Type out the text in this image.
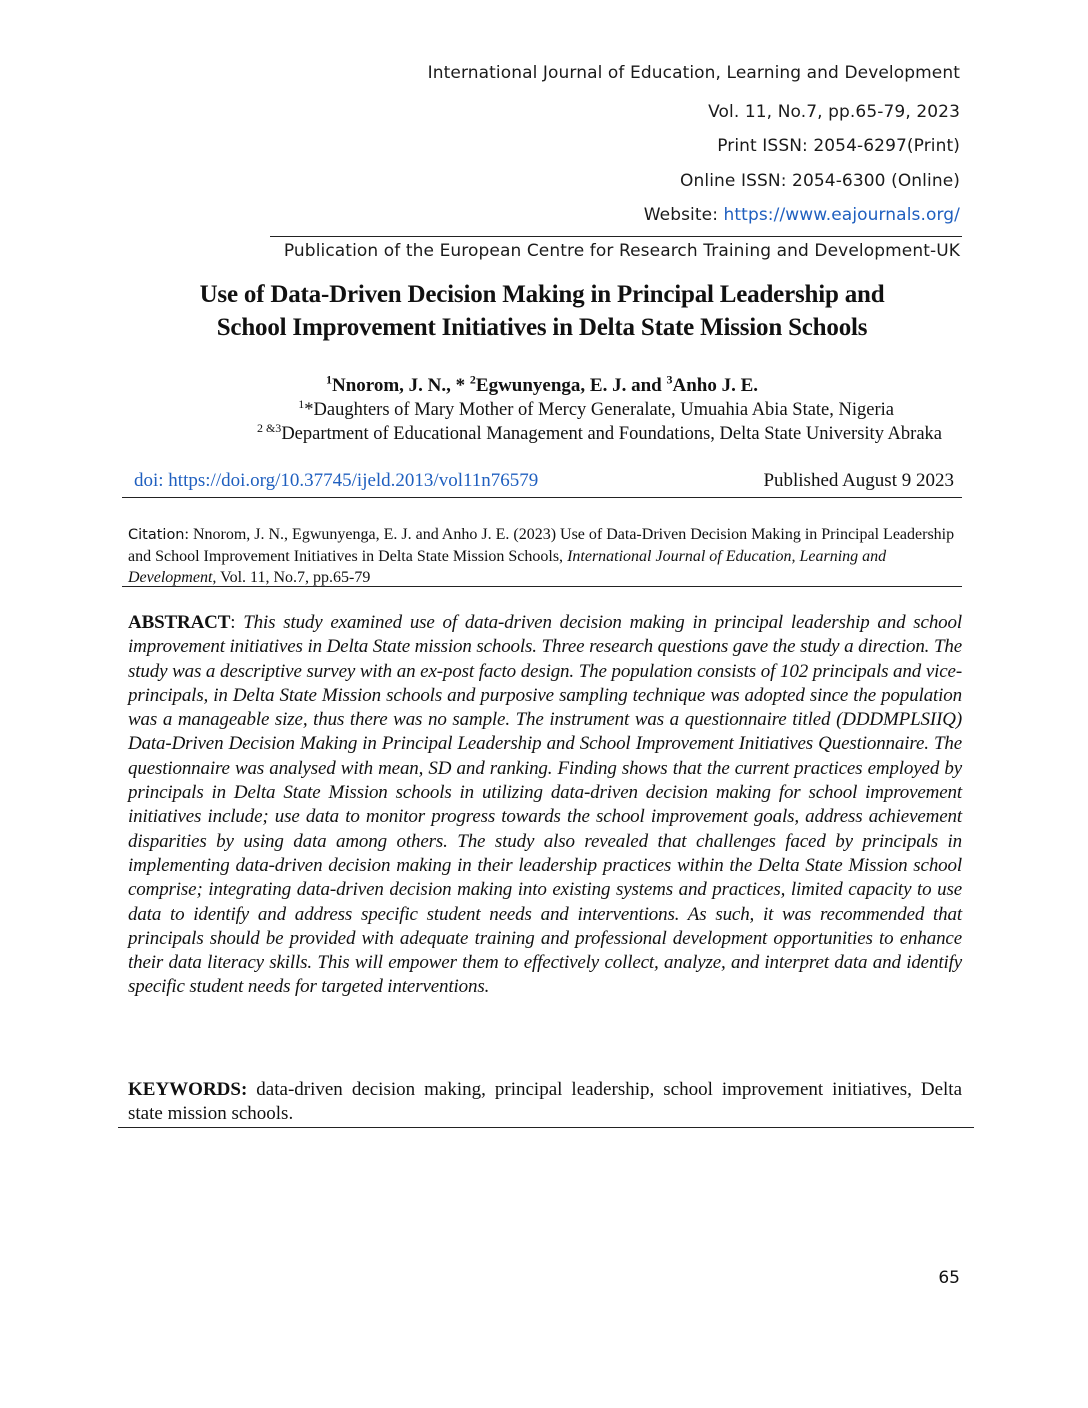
International Journal of Education, Learning and Development
Vol. 11, No.7, pp.65-79, 2023
Print ISSN: 2054-6297(Print)
Online ISSN: 2054-6300 (Online)
Website: https://www.eajournals.org/
Publication of the European Centre for Research Training and Development-UK
Use of Data-Driven Decision Making in Principal Leadership and
School Improvement Initiatives in Delta State Mission Schools
$^1$Nnorom, J. N., * $^2$Egwunyenga, E. J. and $^3$Anho J. E.
$^1$*Daughters of Mary Mother of Mercy Generalate, Umuahia Abia State, Nigeria
$^{2 \&3}$Department of Educational Management and Foundations, Delta State University Abraka
doi: https://doi.org/10.37745/ijeld.2013/vol11n76579	Published August 9 2023
Citation: Nnorom, J. N., Egwunyenga, E. J. and Anho J. E. (2023) Use of Data-Driven Decision Making in Principal Leadership and School Improvement Initiatives in Delta State Mission Schools, International Journal of Education, Learning and Development, Vol. 11, No.7, pp.65-79
ABSTRACT: This study examined use of data-driven decision making in principal leadership and school improvement initiatives in Delta State mission schools. Three research questions gave the study a direction. The study was a descriptive survey with an ex-post facto design. The population consists of 102 principals and vice-principals, in Delta State Mission schools and purposive sampling technique was adopted since the population was a manageable size, thus there was no sample. The instrument was a questionnaire titled (DDDMPLSIIQ) Data-Driven Decision Making in Principal Leadership and School Improvement Initiatives Questionnaire. The questionnaire was analysed with mean, SD and ranking. Finding shows that the current practices employed by principals in Delta State Mission schools in utilizing data-driven decision making for school improvement initiatives include; use data to monitor progress towards the school improvement goals, address achievement disparities by using data among others. The study also revealed that challenges faced by principals in implementing data-driven decision making in their leadership practices within the Delta State Mission school comprise; integrating data-driven decision making into existing systems and practices, limited capacity to use data to identify and address specific student needs and interventions. As such, it was recommended that principals should be provided with adequate training and professional development opportunities to enhance their data literacy skills. This will empower them to effectively collect, analyze, and interpret data and identify specific student needs for targeted interventions.
KEYWORDS: data-driven decision making, principal leadership, school improvement initiatives, Delta state mission schools.
65
